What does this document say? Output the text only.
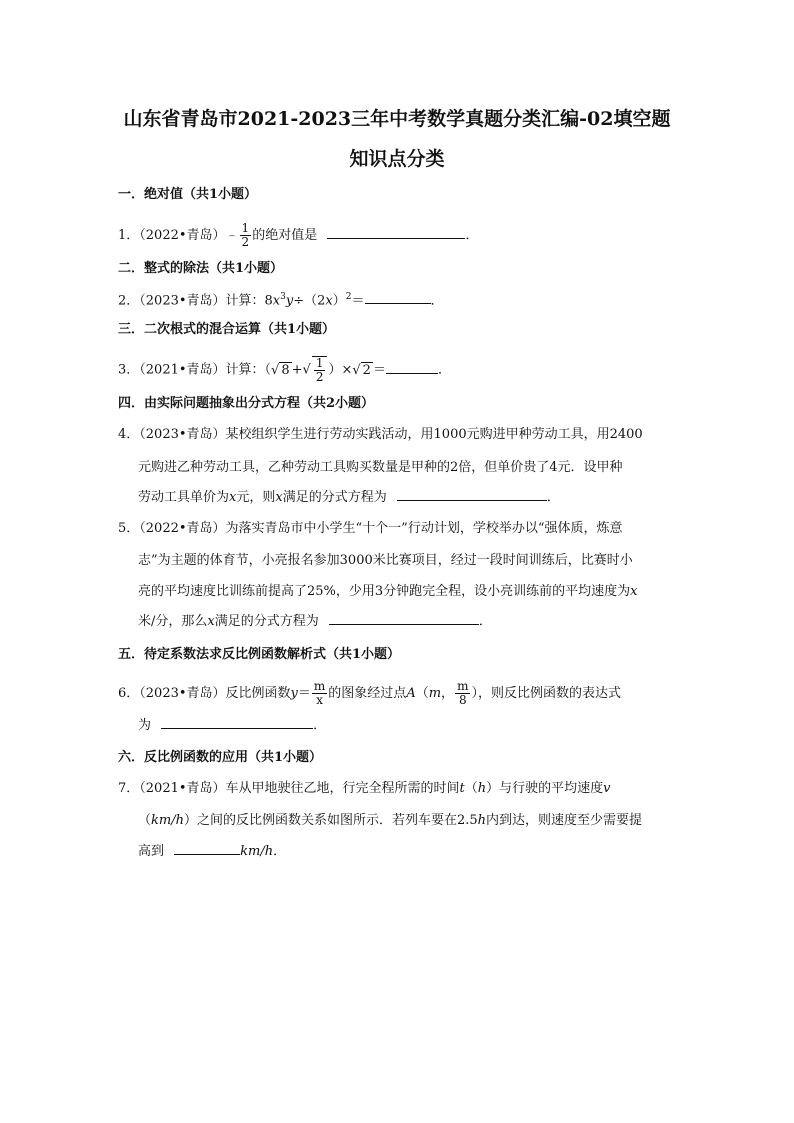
山东省青岛市2021-2023三年中考数学真题分类汇编-02填空题
知识点分类
一．绝对值（共1小题）
1．（2022•青岛）﹣ $\frac{1}{2}$ 的绝对值是	．
二．整式的除法（共1小题）
2．（2023•青岛）计算：$8x^3y\div(2x)^2=$	．
三．二次根式的混合运算（共1小题）
3．（2021•青岛）计算：（√ 8 +√ $\frac{1}{2}$ ）×√ 2 ＝	．
四．由实际问题抽象出分式方程（共2小题）
4．（2023•青岛）某校组织学生进行劳动实践活动，用1000元购进甲种劳动工具，用2400
元购进乙种劳动工具，乙种劳动工具购买数量是甲种的2倍，但单价贵了4元．设甲种
劳动工具单价为x元，则x满足的分式方程为	．
5．（2022•青岛）为落实青岛市中小学生“十个一”行动计划，学校举办以“强体质，炼意
志”为主题的体育节，小亮报名参加3000米比赛项目，经过一段时间训练后，比赛时小
亮的平均速度比训练前提高了25%，少用3分钟跑完全程，设小亮训练前的平均速度为x
米/分，那么x满足的分式方程为	．
五．待定系数法求反比例函数解析式（共1小题）
6．（2023•青岛）反比例函数$y= \frac{m}{x}$ 的图象经过点A（m， $\frac{m}{8}$ ），则反比例函数的表达式
为	．
六．反比例函数的应用（共1小题）
7．（2021•青岛）车从甲地驶往乙地，行完全程所需的时间t（h）与行驶的平均速度v
（km/h）之间的反比例函数关系如图所示．若列车要在2.5h内到达，则速度至少需要提
高到	km/h．
